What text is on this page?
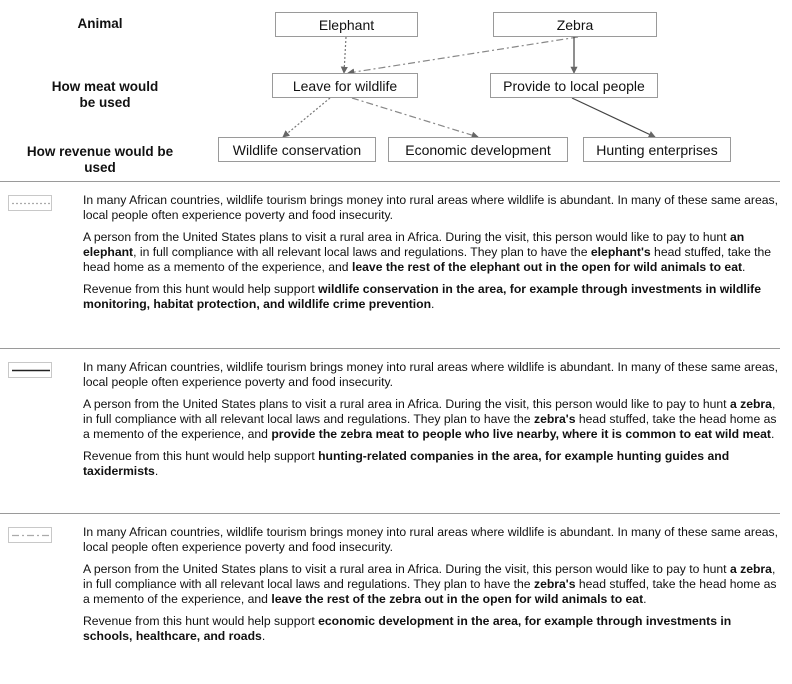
Animal
How meat would be used
How revenue would be used
Elephant	Zebra
Leave for wildlife	Provide to local people
Wildlife conservation	Economic development	Hunting enterprises

In many African countries, wildlife tourism brings money into rural areas where wildlife is abundant. In many of these same areas, local people often experience poverty and food insecurity.

A person from the United States plans to visit a rural area in Africa. During the visit, this person would like to pay to hunt an elephant, in full compliance with all relevant local laws and regulations. They plan to have the elephant's head stuffed, take the head home as a memento of the experience, and leave the rest of the elephant out in the open for wild animals to eat.

Revenue from this hunt would help support wildlife conservation in the area, for example through investments in wildlife monitoring, habitat protection, and wildlife crime prevention.

In many African countries, wildlife tourism brings money into rural areas where wildlife is abundant. In many of these same areas, local people often experience poverty and food insecurity.

A person from the United States plans to visit a rural area in Africa. During the visit, this person would like to pay to hunt a zebra, in full compliance with all relevant local laws and regulations. They plan to have the zebra's head stuffed, take the head home as a memento of the experience, and provide the zebra meat to people who live nearby, where it is common to eat wild meat.

Revenue from this hunt would help support hunting-related companies in the area, for example hunting guides and taxidermists.

In many African countries, wildlife tourism brings money into rural areas where wildlife is abundant. In many of these same areas, local people often experience poverty and food insecurity.

A person from the United States plans to visit a rural area in Africa. During the visit, this person would like to pay to hunt a zebra, in full compliance with all relevant local laws and regulations. They plan to have the zebra's head stuffed, take the head home as a memento of the experience, and leave the rest of the zebra out in the open for wild animals to eat.

Revenue from this hunt would help support economic development in the area, for example through investments in schools, healthcare, and roads.
